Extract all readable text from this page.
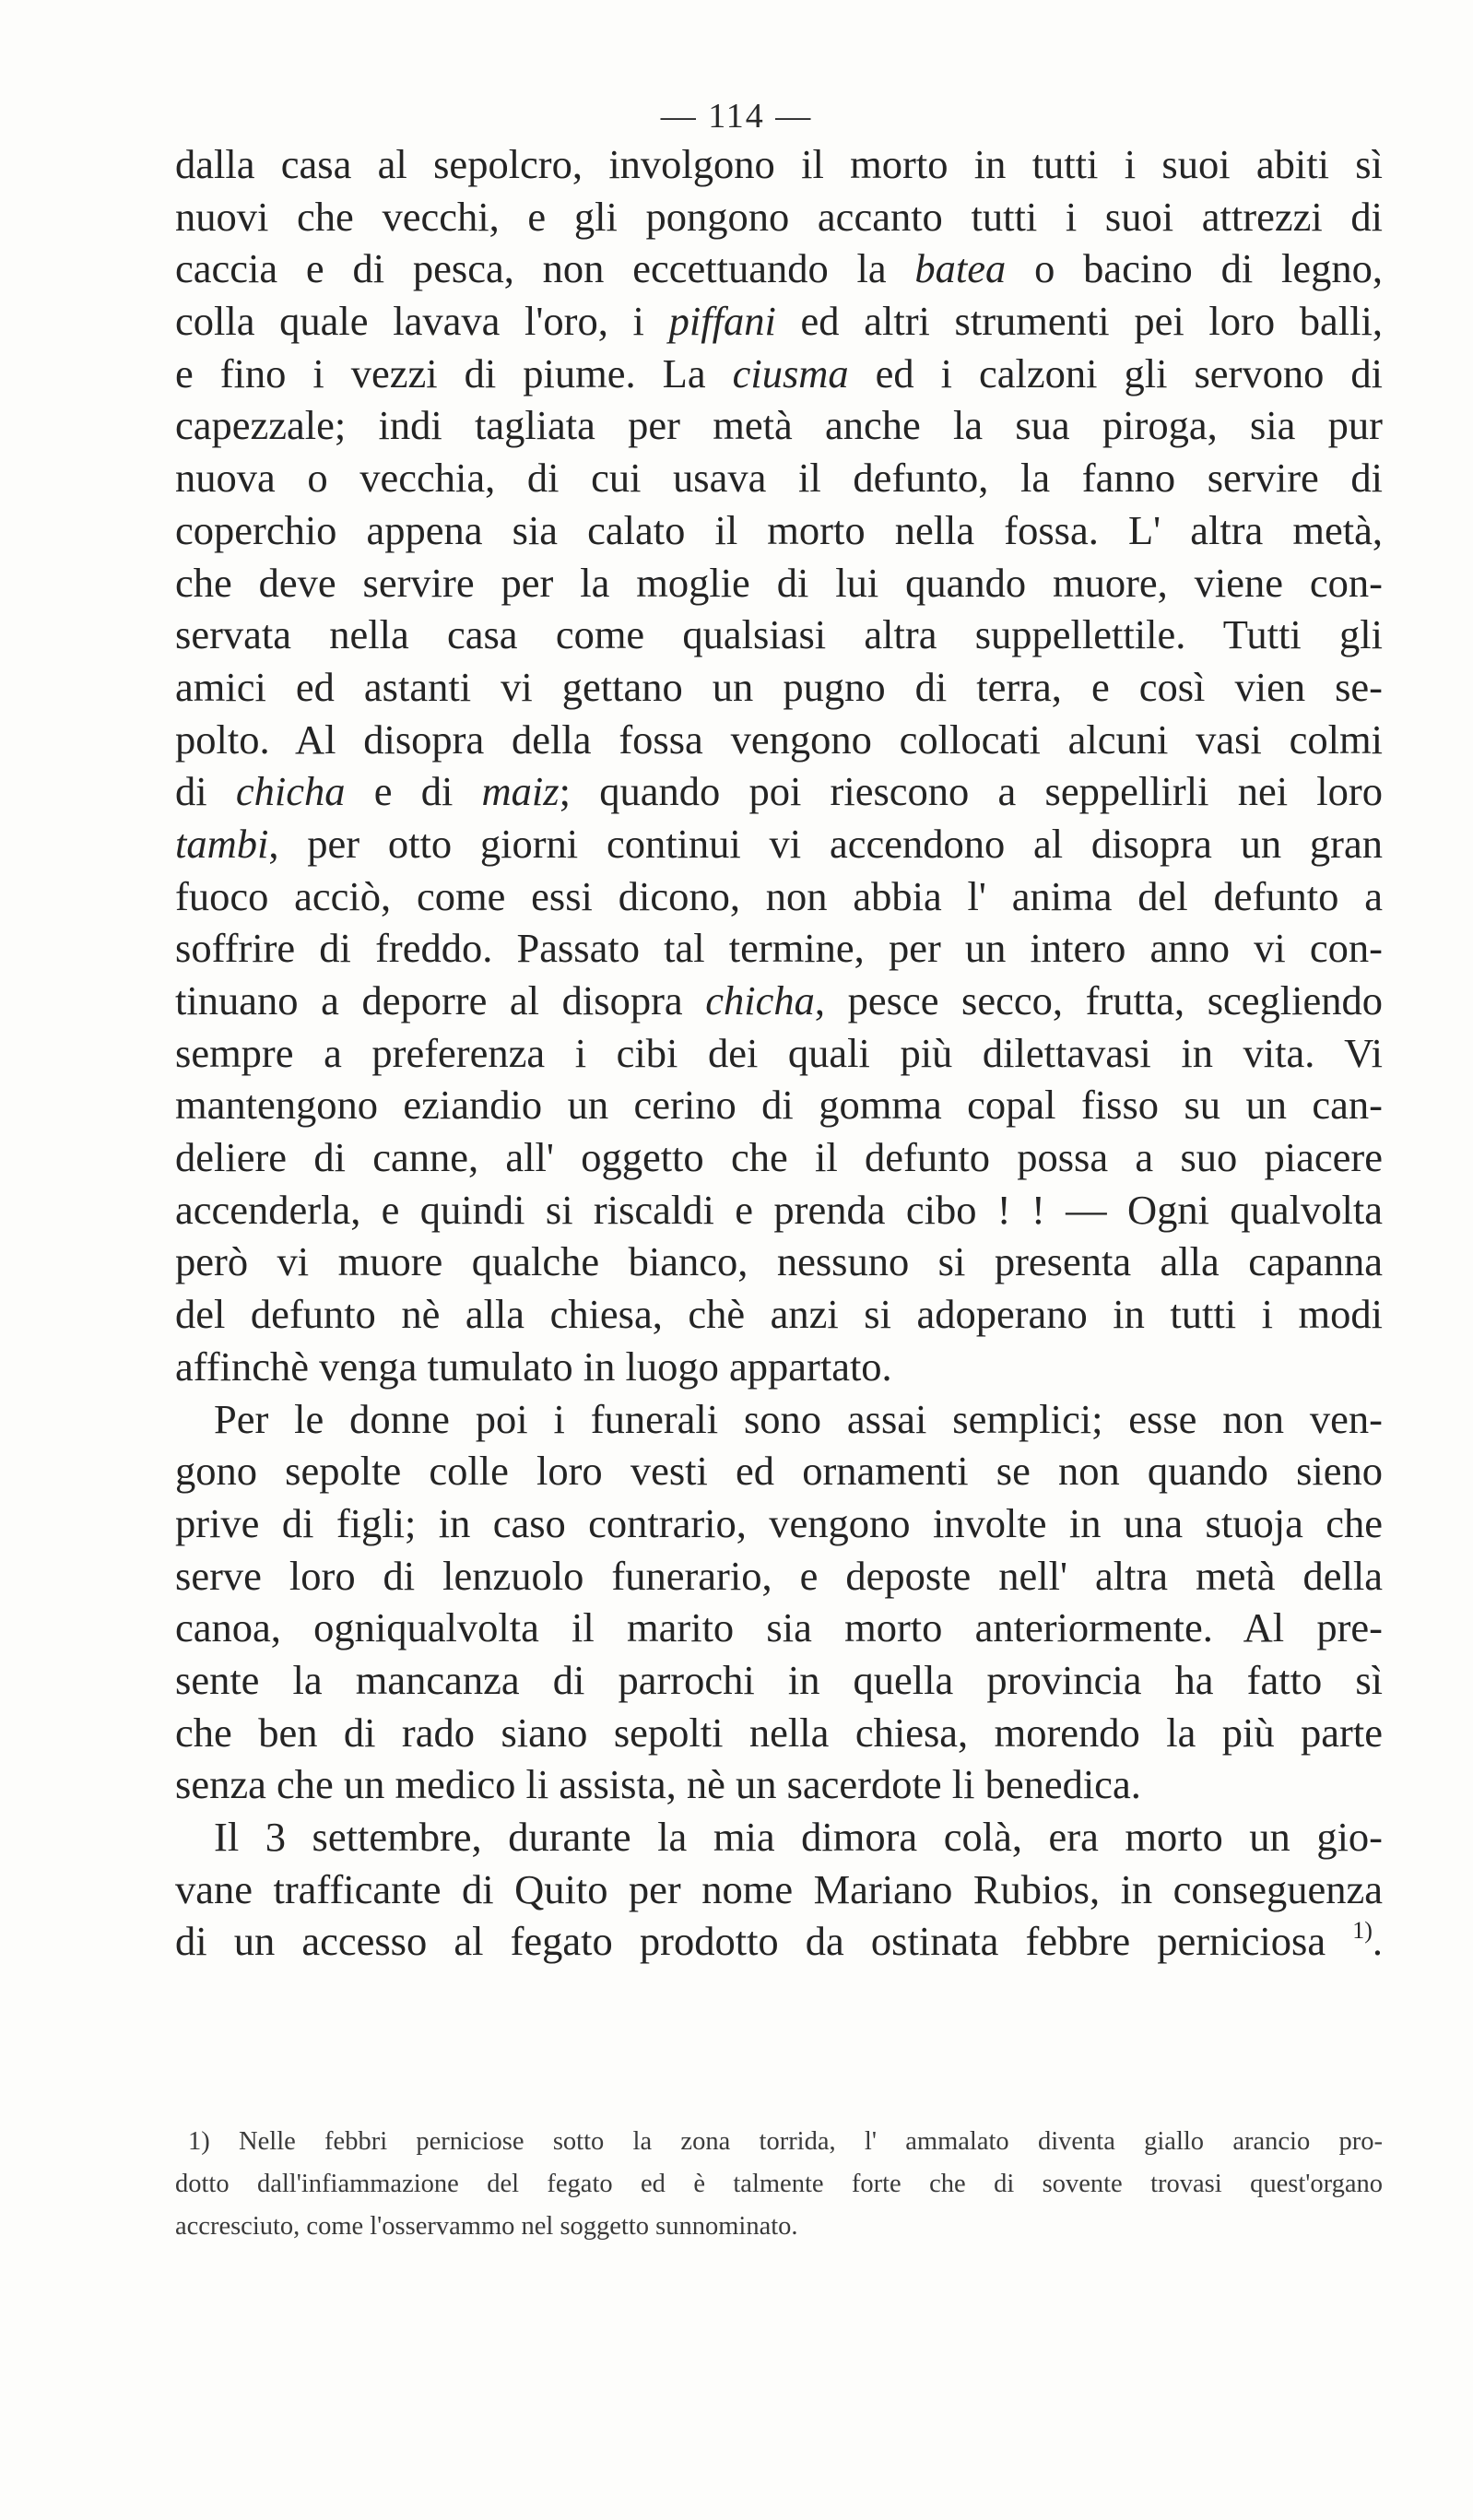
— 114 —
dalla casa al sepolcro, involgono il morto in tutti i suoi abiti sì
nuovi che vecchi, e gli pongono accanto tutti i suoi attrezzi di
caccia e di pesca, non eccettuando la batea o bacino di legno,
colla quale lavava l'oro, i piffani ed altri strumenti pei loro balli,
e fino i vezzi di piume. La ciusma ed i calzoni gli servono di
capezzale; indi tagliata per metà anche la sua piroga, sia pur
nuova o vecchia, di cui usava il defunto, la fanno servire di
coperchio appena sia calato il morto nella fossa. L' altra metà,
che deve servire per la moglie di lui quando muore, viene con-
servata nella casa come qualsiasi altra suppellettile. Tutti gli
amici ed astanti vi gettano un pugno di terra, e così vien se-
polto. Al disopra della fossa vengono collocati alcuni vasi colmi
di chicha e di maiz; quando poi riescono a seppellirli nei loro
tambi, per otto giorni continui vi accendono al disopra un gran
fuoco acciò, come essi dicono, non abbia l' anima del defunto a
soffrire di freddo. Passato tal termine, per un intero anno vi con-
tinuano a deporre al disopra chicha, pesce secco, frutta, scegliendo
sempre a preferenza i cibi dei quali più dilettavasi in vita. Vi
mantengono eziandio un cerino di gomma copal fisso su un can-
deliere di canne, all' oggetto che il defunto possa a suo piacere
accenderla, e quindi si riscaldi e prenda cibo ! ! — Ogni qualvolta
però vi muore qualche bianco, nessuno si presenta alla capanna
del defunto nè alla chiesa, chè anzi si adoperano in tutti i modi
affinchè venga tumulato in luogo appartato.
Per le donne poi i funerali sono assai semplici; esse non ven-
gono sepolte colle loro vesti ed ornamenti se non quando sieno
prive di figli; in caso contrario, vengono involte in una stuoja che
serve loro di lenzuolo funerario, e deposte nell' altra metà della
canoa, ogniqualvolta il marito sia morto anteriormente. Al pre-
sente la mancanza di parrochi in quella provincia ha fatto sì
che ben di rado siano sepolti nella chiesa, morendo la più parte
senza che un medico li assista, nè un sacerdote li benedica.
Il 3 settembre, durante la mia dimora colà, era morto un gio-
vane trafficante di Quito per nome Mariano Rubios, in conseguenza
di un accesso al fegato prodotto da ostinata febbre perniciosa $^{1)}$.
1) Nelle febbri perniciose sotto la zona torrida, l' ammalato diventa giallo arancio pro-
dotto dall'infiammazione del fegato ed è talmente forte che di sovente trovasi quest'organo
accresciuto, come l'osservammo nel soggetto sunnominato.
